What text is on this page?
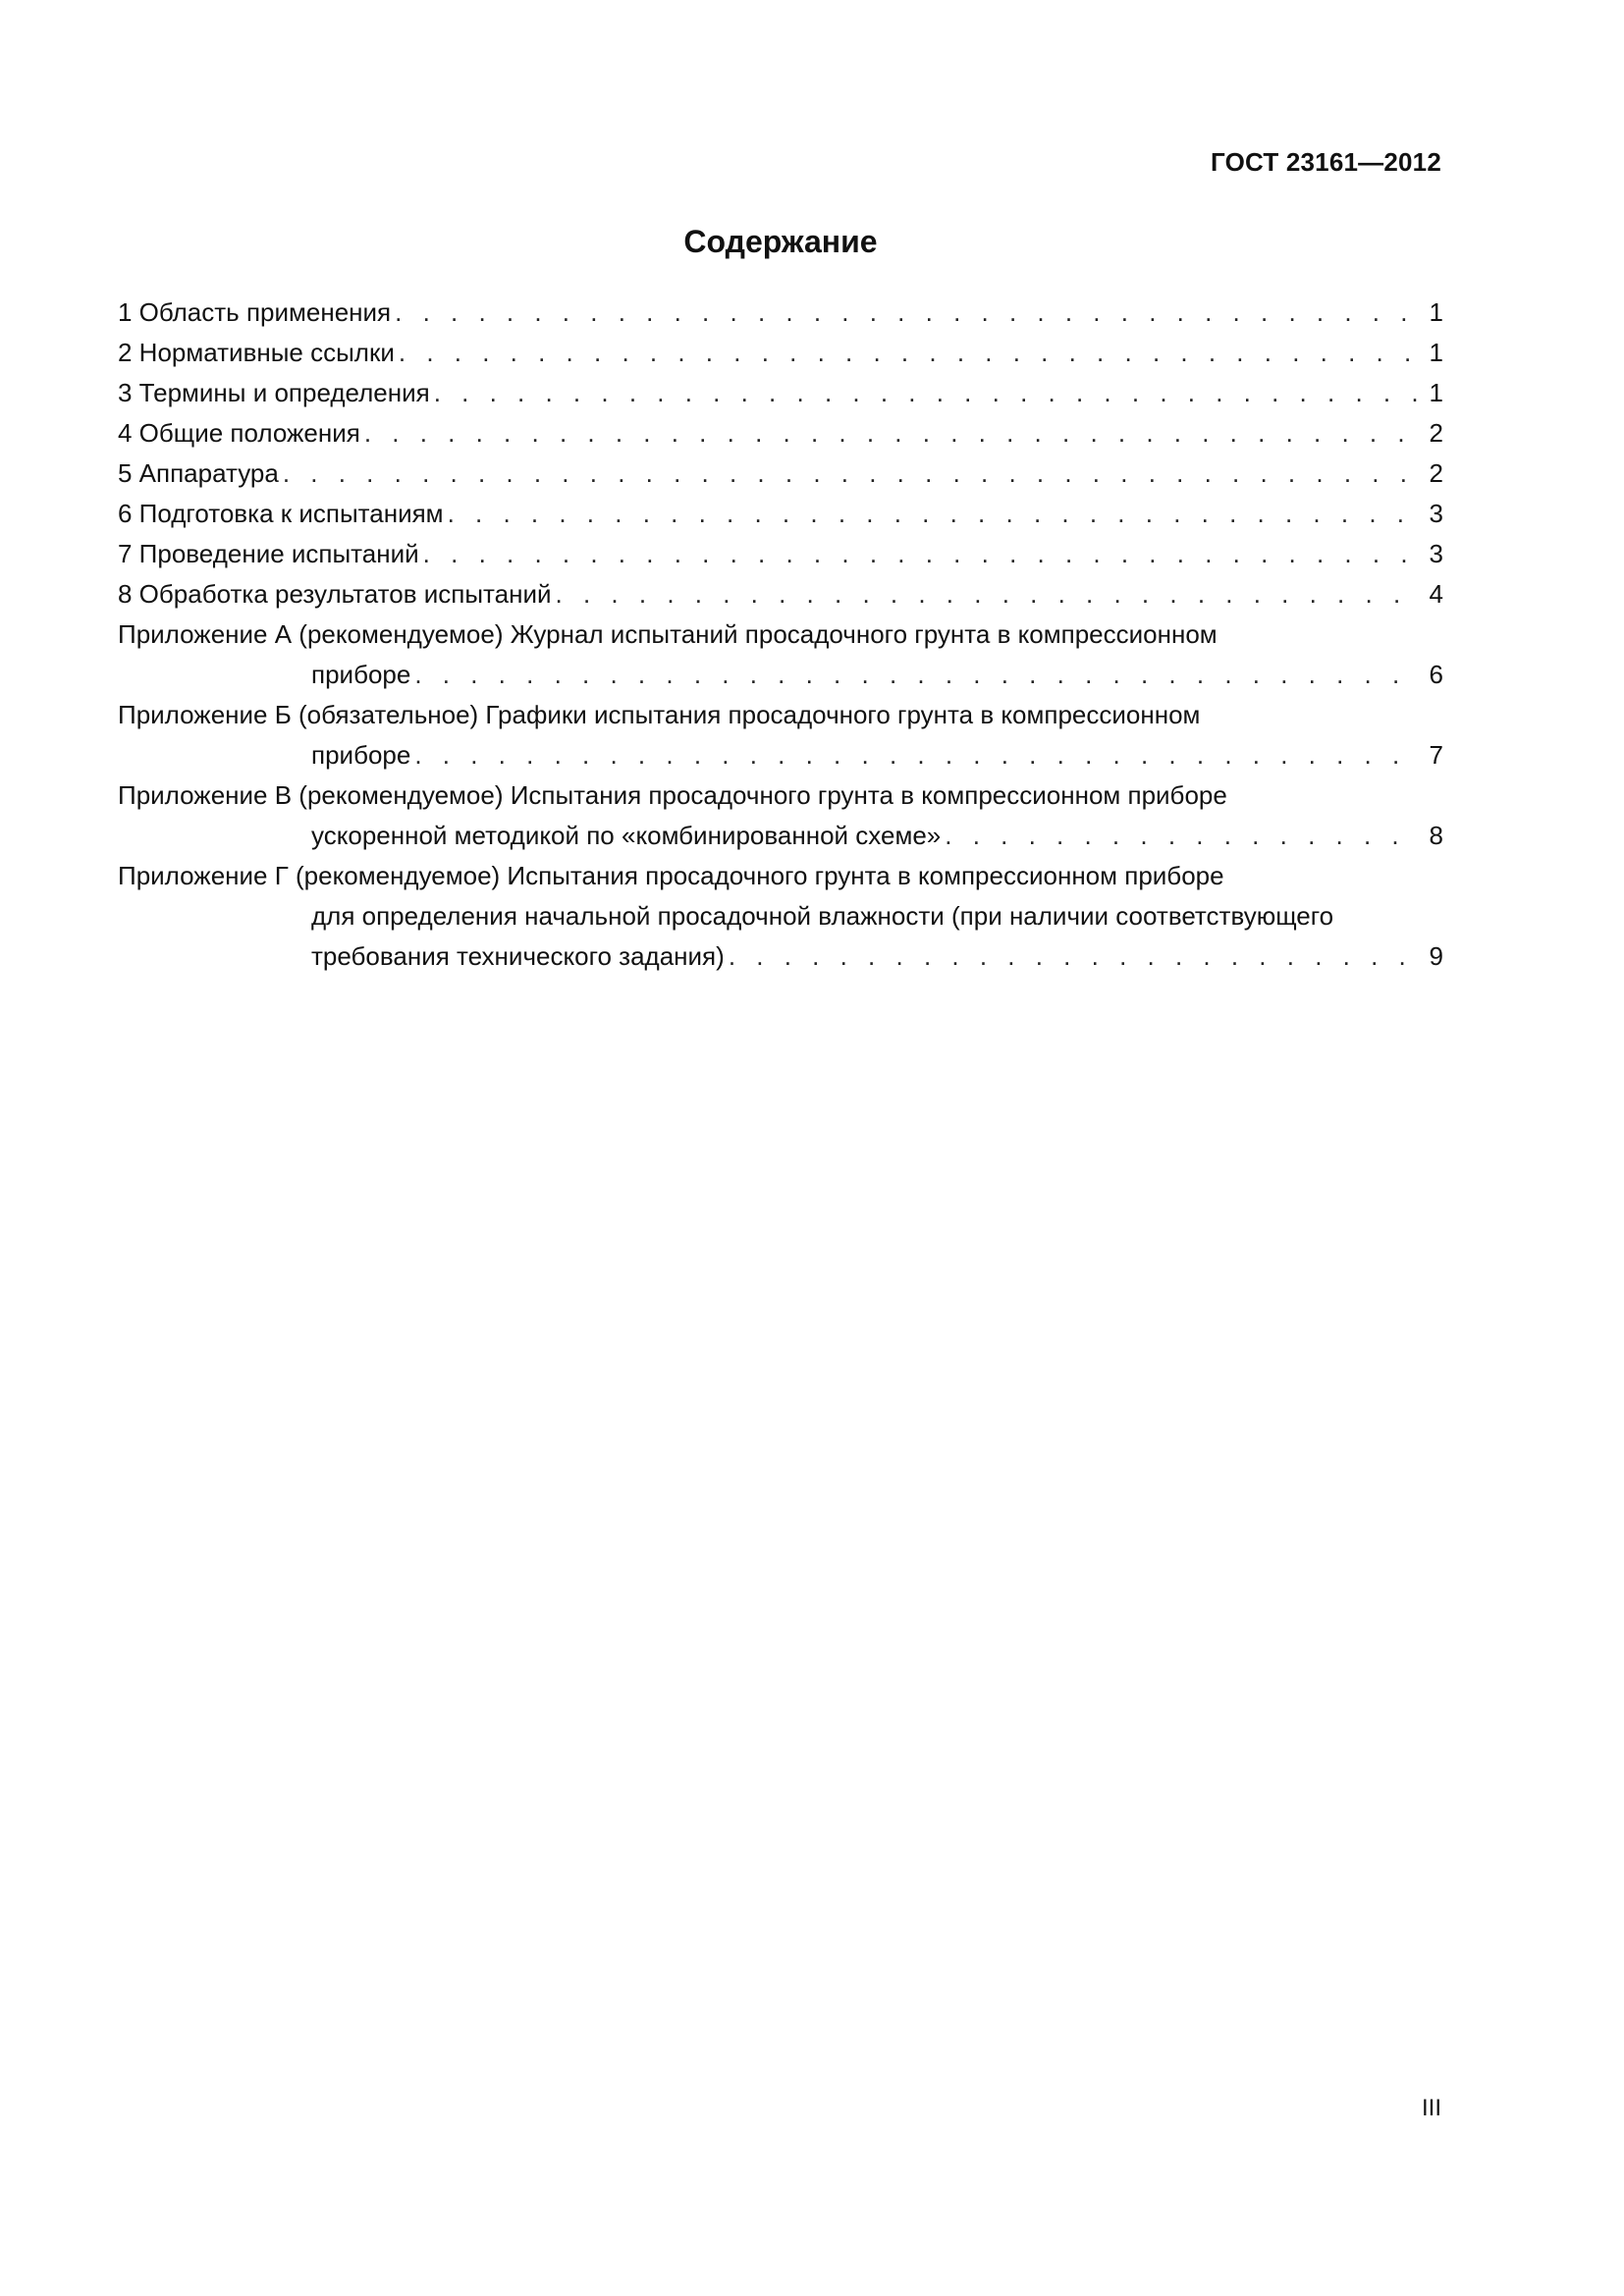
ГОСТ 23161—2012
Содержание
1 Область применения . . .	1
2 Нормативные ссылки . . .	1
3 Термины и определения . . .	1
4 Общие положения . . .	2
5 Аппаратура . . .	2
6 Подготовка к испытаниям . . .	3
7 Проведение испытаний . . .	3
8 Обработка результатов испытаний . . .	4
Приложение А (рекомендуемое) Журнал испытаний просадочного грунта в компрессионном
приборе . . .	6
Приложение Б (обязательное) Графики испытания просадочного грунта в компрессионном
приборе . . .	7
Приложение В (рекомендуемое) Испытания просадочного грунта в компрессионном приборе
ускоренной методикой по «комбинированной схеме» . . .	8
Приложение Г (рекомендуемое) Испытания просадочного грунта в компрессионном приборе
для определения начальной просадочной влажности (при наличии соответствующего
требования технического задания) . . .	9
III
